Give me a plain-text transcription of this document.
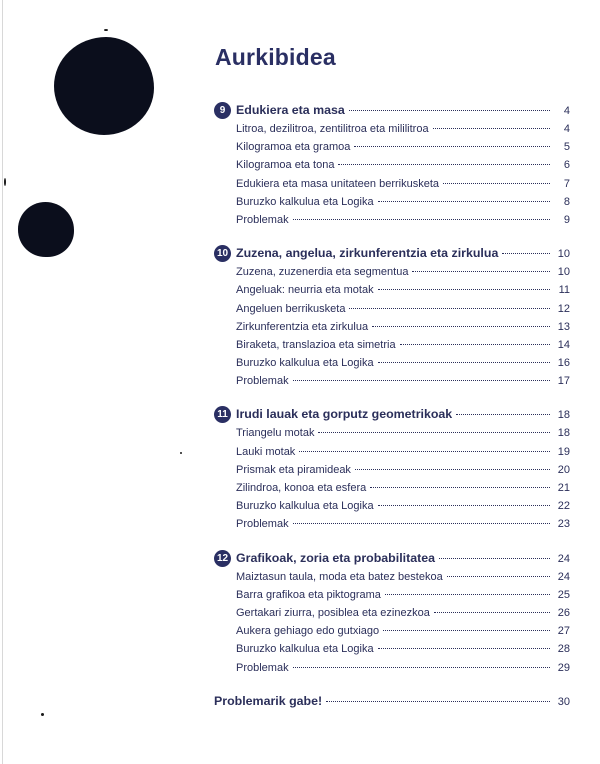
Aurkibidea
9 Edukiera eta masa	4
Litroa, dezilitroa, zentilitroa eta mililitroa	4
Kilogramoa eta gramoa	5
Kilogramoa eta tona	6
Edukiera eta masa unitateen berrikusketa	7
Buruzko kalkulua eta Logika	8
Problemak	9
10 Zuzena, angelua, zirkunferentzia eta zirkulua	10
Zuzena, zuzenerdia eta segmentua	10
Angeluak: neurria eta motak	11
Angeluen berrikusketa	12
Zirkunferentzia eta zirkulua	13
Biraketa, translazioa eta simetria	14
Buruzko kalkulua eta Logika	16
Problemak	17
11 Irudi lauak eta gorputz geometrikoak	18
Triangelu motak	18
Lauki motak	19
Prismak eta piramideak	20
Zilindroa, konoa eta esfera	21
Buruzko kalkulua eta Logika	22
Problemak	23
12 Grafikoak, zoria eta probabilitatea	24
Maiztasun taula, moda eta batez bestekoa	24
Barra grafikoa eta piktograma	25
Gertakari ziurra, posiblea eta ezinezkoa	26
Aukera gehiago edo gutxiago	27
Buruzko kalkulua eta Logika	28
Problemak	29
Problemarik gabe!	30
